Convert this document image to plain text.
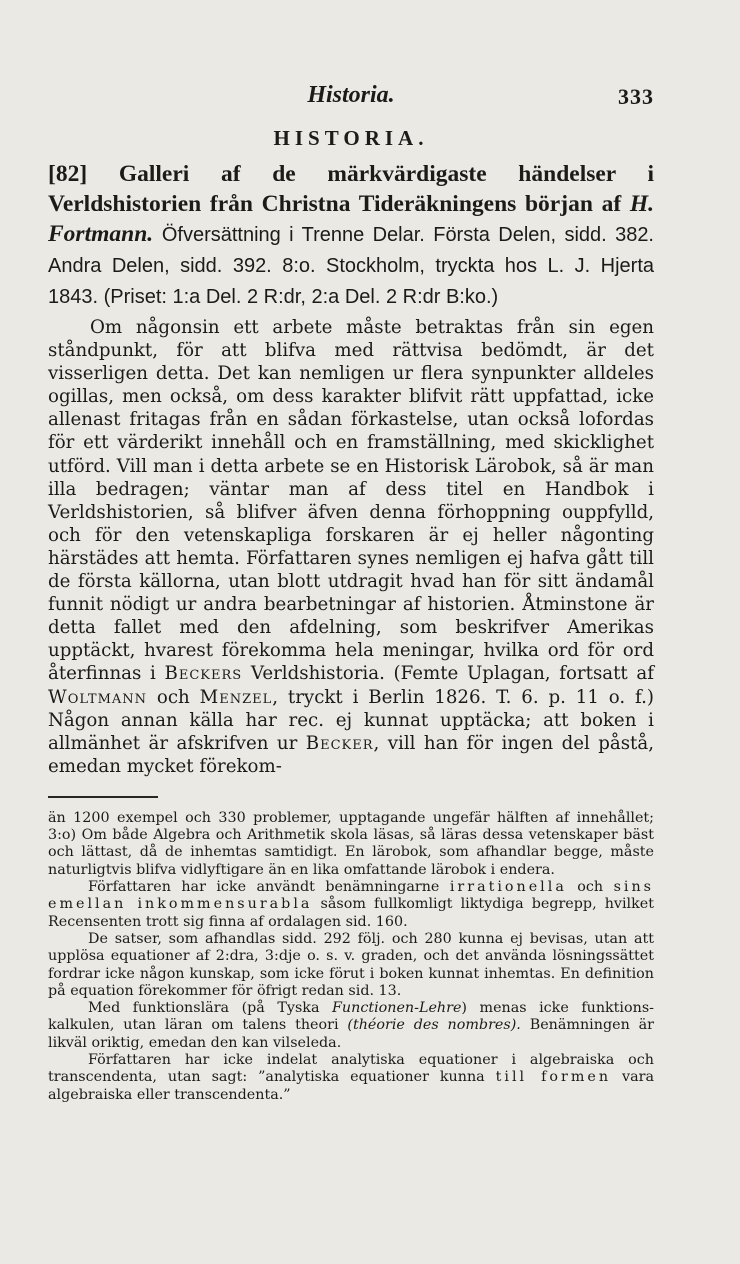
Historia.	333
HISTORIA.

[82] Galleri af de märkvärdigaste händelser i Verldshistorien från Christna Tideräkningens början af H. Fortmann. Öfversättning i Trenne Delar. Första Delen, sidd. 382. Andra Delen, sidd. 392. 8:o. Stockholm, tryckta hos L. J. Hjerta 1843. (Priset: 1:a Del. 2 R:dr, 2:a Del. 2 R:dr B:ko.)

Om någonsin ett arbete måste betraktas från sin egen ståndpunkt, för att blifva med rättvisa bedömdt, är det visserligen detta. Det kan nemligen ur flera synpunkter alldeles ogillas, men också, om dess karakter blifvit rätt uppfattad, icke allenast fritagas från en sådan förkastelse, utan också lofordas för ett värderikt innehåll och en framställning, med skicklighet utförd. Vill man i detta arbete se en Historisk Lärobok, så är man illa bedragen; väntar man af dess titel en Handbok i Verldshistorien, så blifver äfven denna förhoppning ouppfylld, och för den vetenskapliga forskaren är ej heller någonting härstädes att hemta. Författaren synes nemligen ej hafva gått till de första källorna, utan blott utdragit hvad han för sitt ändamål funnit nödigt ur andra bearbetningar af historien. Åtminstone är detta fallet med den afdelning, som beskrifver Amerikas upptäckt, hvarest förekomma hela meningar, hvilka ord för ord återfinnas i Beckers Verldshistoria. (Femte Uplagan, fortsatt af Woltmann och Menzel, tryckt i Berlin 1826. T. 6. p. 11 o. f.) Någon annan källa har rec. ej kunnat upptäcka; att boken i allmänhet är afskrifven ur Becker, vill han för ingen del påstå, emedan mycket förekom-

än 1200 exempel och 330 problemer, upptagande ungefär hälften af innehållet; 3:o) Om både Algebra och Arithmetik skola läsas, så läras dessa vetenskaper bäst och lättast, då de inhemtas samtidigt. En lärobok, som afhandlar begge, måste naturligtvis blifva vidlyftigare än en lika omfattande lärobok i endera.

Författaren har icke användt benämningarne irrationella och sins emellan inkommensurabla såsom fullkomligt liktydiga begrepp, hvilket Recensenten trott sig finna af ordalagen sid. 160.

De satser, som afhandlas sidd. 292 följ. och 280 kunna ej bevisas, utan att upplösa equationer af 2:dra, 3:dje o. s. v. graden, och det använda lösningssättet fordrar icke någon kunskap, som icke förut i boken kunnat inhemtas. En definition på equation förekommer för öfrigt redan sid. 13.

Med funktionslära (på Tyska Functionen-Lehre) menas icke funktions-kalkulen, utan läran om talens theori (théorie des nombres). Benämningen är likväl oriktig, emedan den kan vilseleda.

Författaren har icke indelat analytiska equationer i algebraiska och transcendenta, utan sagt: ”analytiska equationer kunna till formen vara algebraiska eller transcendenta.”
